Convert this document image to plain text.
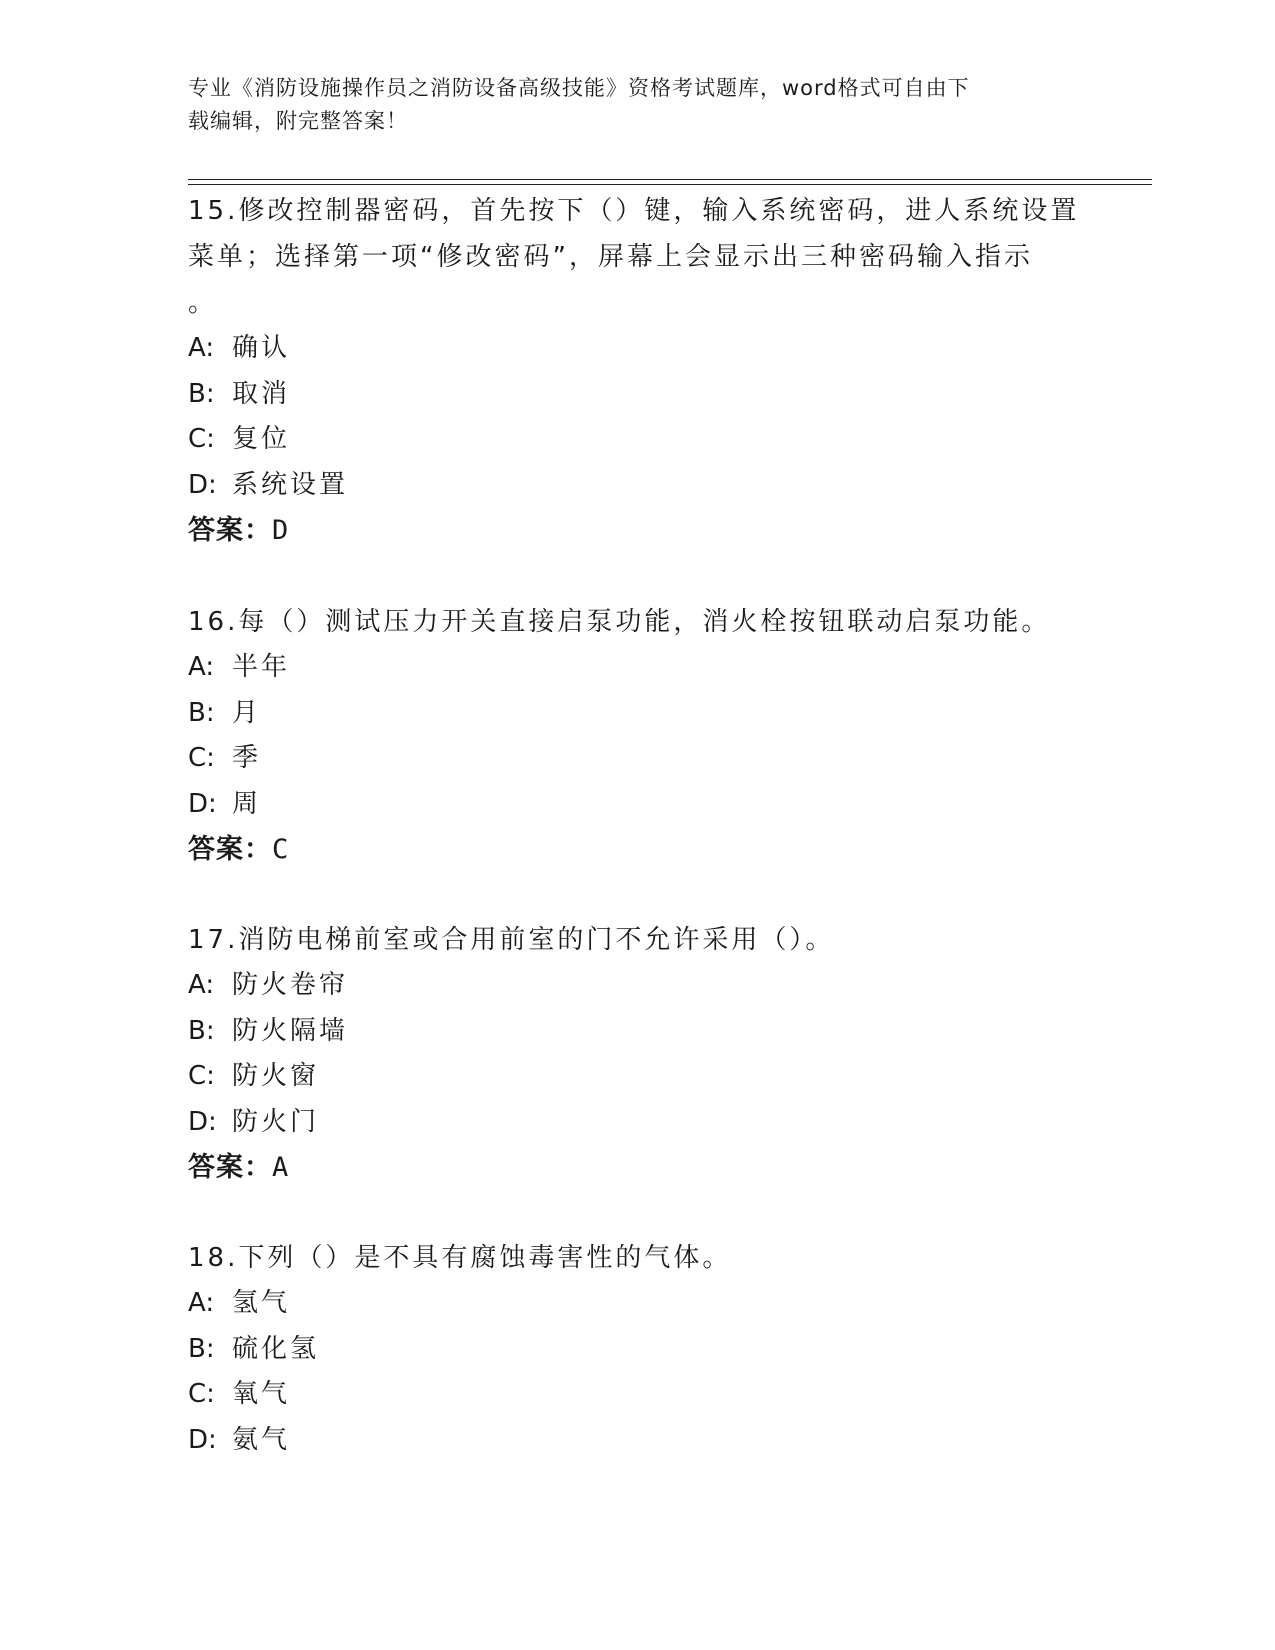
专业《消防设施操作员之消防设备高级技能》资格考试题库，word格式可自由下
载编辑，附完整答案！
15.修改控制器密码，首先按下（）键，输入系统密码，进人系统设置
菜单；选择第一项“修改密码”，屏幕上会显示出三种密码输入指示
。
A: 确认
B: 取消
C: 复位
D: 系统设置
答案：D
16.每（）测试压力开关直接启泵功能，消火栓按钮联动启泵功能。
A: 半年
B: 月
C: 季
D: 周
答案：C
17.消防电梯前室或合用前室的门不允许采用（）。
A: 防火卷帘
B: 防火隔墙
C: 防火窗
D: 防火门
答案：A
18.下列（）是不具有腐蚀毒害性的气体。
A: 氢气
B: 硫化氢
C: 氧气
D: 氨气
